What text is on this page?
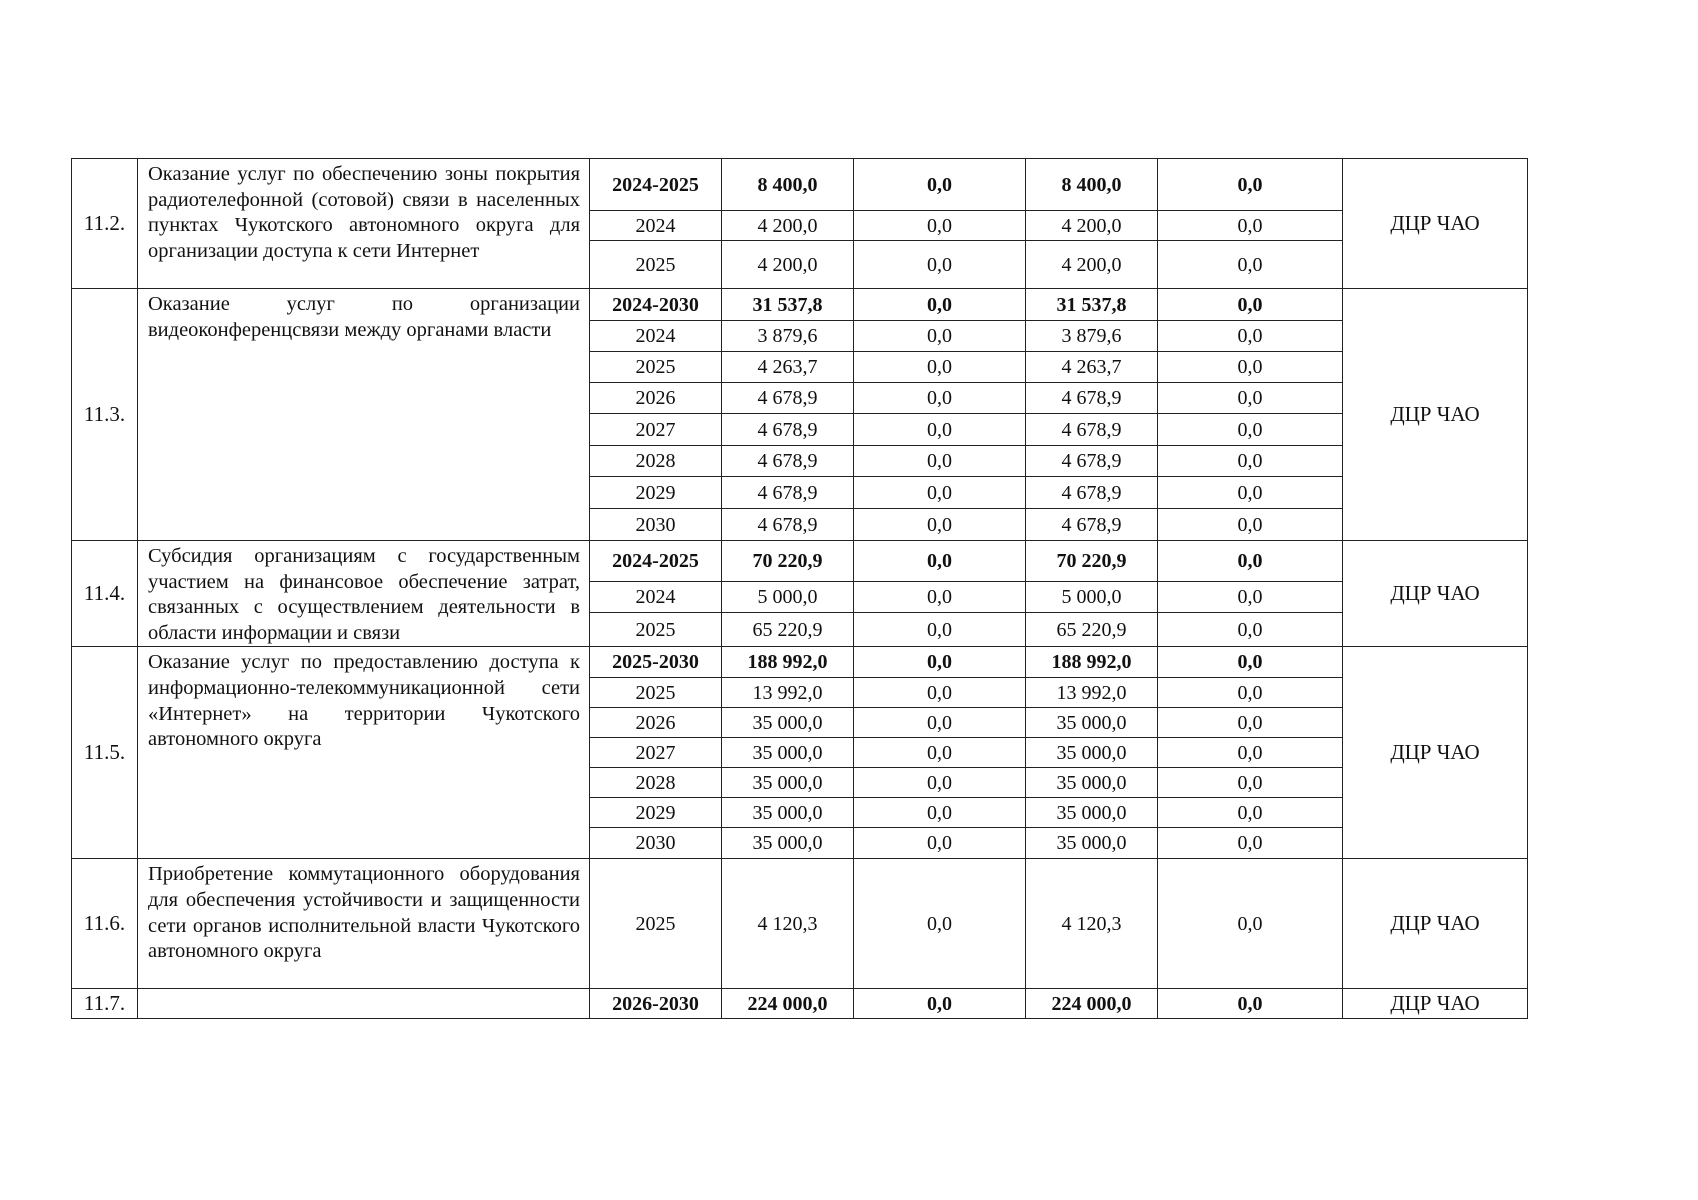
11.2.	Оказание услуг по обеспечению зоны покрытия радиотелефонной (сотовой) связи в населенных пунктах Чукотского автономного округа для организации доступа к сети Интернет	2024-2025	8 400,0	0,0	8 400,0	0,0	ДЦР ЧАО
		2024	4 200,0	0,0	4 200,0	0,0	
		2025	4 200,0	0,0	4 200,0	0,0	
11.3.	Оказание услуг по организации видеоконференцсвязи между органами власти	2024-2030	31 537,8	0,0	31 537,8	0,0	ДЦР ЧАО
		2024	3 879,6	0,0	3 879,6	0,0	
		2025	4 263,7	0,0	4 263,7	0,0	
		2026	4 678,9	0,0	4 678,9	0,0	
		2027	4 678,9	0,0	4 678,9	0,0	
		2028	4 678,9	0,0	4 678,9	0,0	
		2029	4 678,9	0,0	4 678,9	0,0	
		2030	4 678,9	0,0	4 678,9	0,0	
11.4.	Субсидия организациям с государственным участием на финансовое обеспечение затрат, связанных с осуществлением деятельности в области информации и связи	2024-2025	70 220,9	0,0	70 220,9	0,0	ДЦР ЧАО
		2024	5 000,0	0,0	5 000,0	0,0	
		2025	65 220,9	0,0	65 220,9	0,0	
11.5.	Оказание услуг по предоставлению доступа к информационно-телекоммуникационной сети «Интернет» на территории Чукотского автономного округа	2025-2030	188 992,0	0,0	188 992,0	0,0	ДЦР ЧАО
		2025	13 992,0	0,0	13 992,0	0,0	
		2026	35 000,0	0,0	35 000,0	0,0	
		2027	35 000,0	0,0	35 000,0	0,0	
		2028	35 000,0	0,0	35 000,0	0,0	
		2029	35 000,0	0,0	35 000,0	0,0	
		2030	35 000,0	0,0	35 000,0	0,0	
11.6.	Приобретение коммутационного оборудования для обеспечения устойчивости и защищенности сети органов исполнительной власти Чукотского автономного округа	2025	4 120,3	0,0	4 120,3	0,0	ДЦР ЧАО
11.7.		2026-2030	224 000,0	0,0	224 000,0	0,0	ДЦР ЧАО
